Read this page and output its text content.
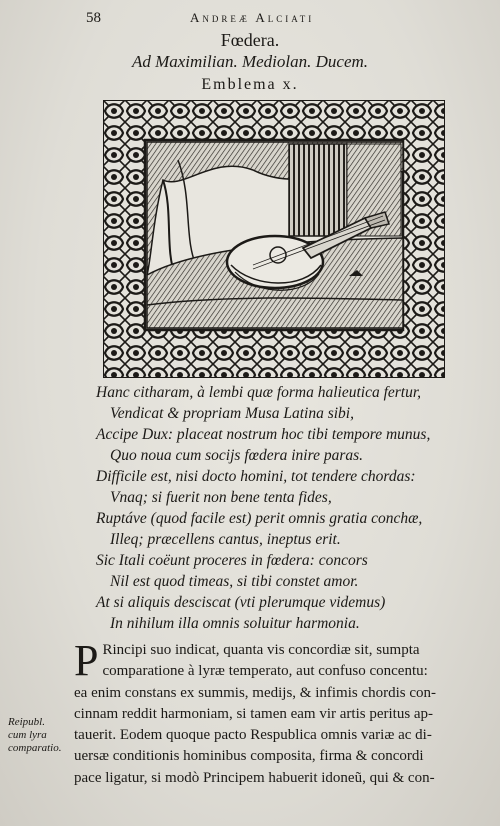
58	Andreæ Alciati
Fœdera.
Ad Maximilian. Mediolan. Ducem.
Emblema x.
Hanc citharam, à lembi quæ forma halieutica fertur,
Vendicat & propriam Musa Latina sibi,
Accipe Dux: placeat nostrum hoc tibi tempore munus,
Quo noua cum socijs fœdera inire paras.
Difficile est, nisi docto homini, tot tendere chordas:
Vnaq; si fuerit non bene tenta fides,
Ruptáve (quod facile est) perit omnis gratia conchæ,
Illeq; præcellens cantus, ineptus erit.
Sic Itali coëunt proceres in fœdera: concors
Nil est quod timeas, si tibi constet amor.
At si aliquis desciscat (vti plerumque videmus)
In nihilum illa omnis soluitur harmonia.
Reipubl.
cum lyra
comparatio.
P Rincipi suo indicat, quanta vis concordiæ sit, sumpta
comparatione à lyræ temperato, aut confuso concentu:
ea enim constans ex summis, medijs, & infimis chordis con-
cinnam reddit harmoniam, si tamen eam vir artis peritus ap-
tauerit. Eodem quoque pacto Respublica omnis variæ ac di-
uersæ conditionis hominibus composita, firma & concordi
pace ligatur, si modò Principem habuerit idoneũ, qui & con-
